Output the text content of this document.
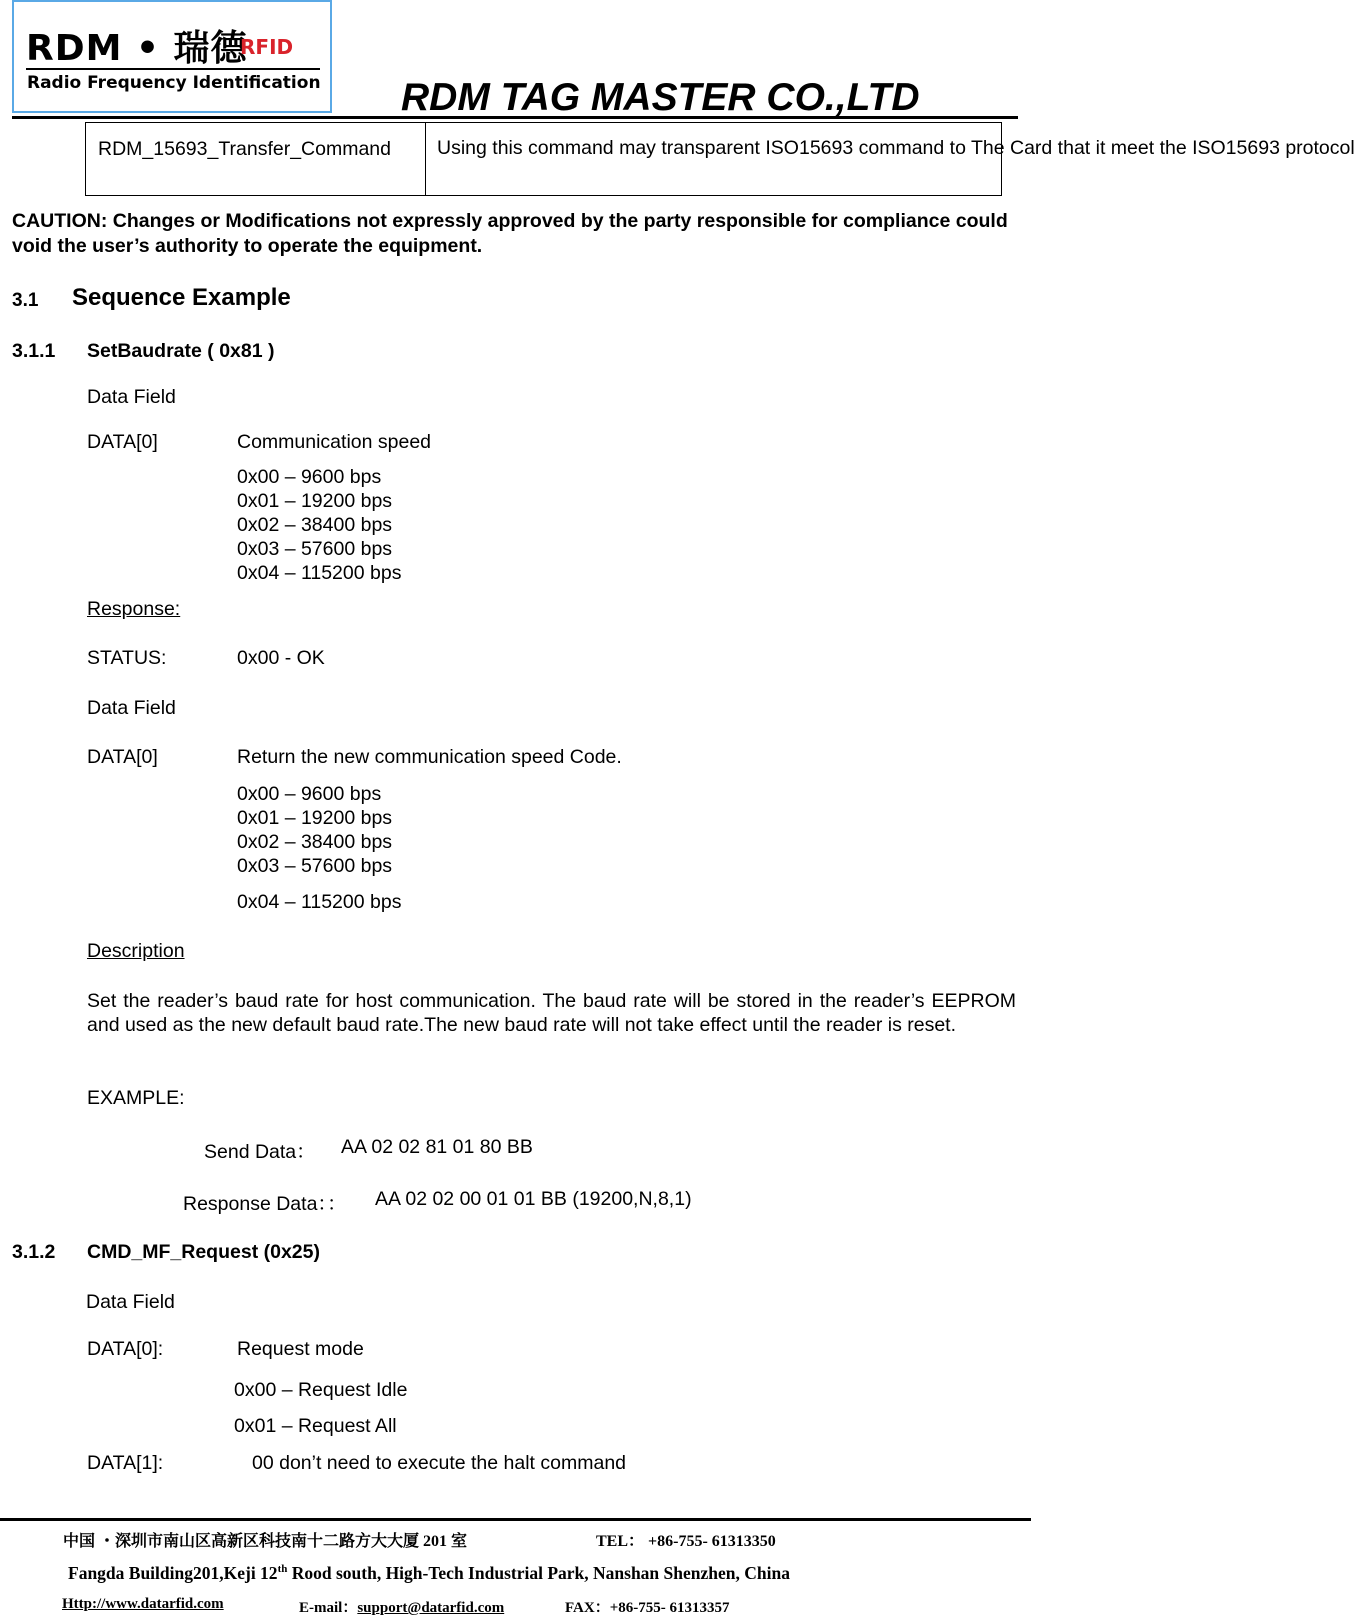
RDM • 瑞德
RFID
Radio Frequency Identification RDM TAG MASTER CO.,LTD
RDM_15693_Transfer_Command	Using this command may transparent ISO15693 command to The Card that it meet the ISO15693 protocol
CAUTION: Changes or Modifications not expressly approved by the party responsible for compliance could void the user’s authority to operate the equipment.
3.1 Sequence Example
3.1.1 SetBaudrate ( 0x81 )
Data Field
DATA[0]	Communication speed
0x00 – 9600 bps
0x01 – 19200 bps
0x02 – 38400 bps
0x03 – 57600 bps
0x04 – 115200 bps
Response:
STATUS:	0x00 - OK
Data Field
DATA[0]	Return the new communication speed Code.
0x00 – 9600 bps
0x01 – 19200 bps
0x02 – 38400 bps
0x03 – 57600 bps
0x04 – 115200 bps
Description
Set the reader’s baud rate for host communication. The baud rate will be stored in the reader’s EEPROM and used as the new default baud rate.The new baud rate will not take effect until the reader is reset.
EXAMPLE:
Send Data： AA 02 02 81 01 80 BB
Response Data：： AA 02 02 00 01 01 BB (19200,N,8,1)
3.1.2 CMD_MF_Request (0x25)
Data Field
DATA[0]:	Request mode
0x00 – Request Idle
0x01 – Request All
DATA[1]:	00 don’t need to execute the halt command
中国 ・深圳市南山区高新区科技南十二路方大大厦 201 室	TEL： +86-755- 61313350
Fangda Building201,Keji 12th Rood south, High-Tech Industrial Park, Nanshan Shenzhen, China
Http://www.datarfid.com	E-mail：support@datarfid.com	FAX：+86-755- 61313357
